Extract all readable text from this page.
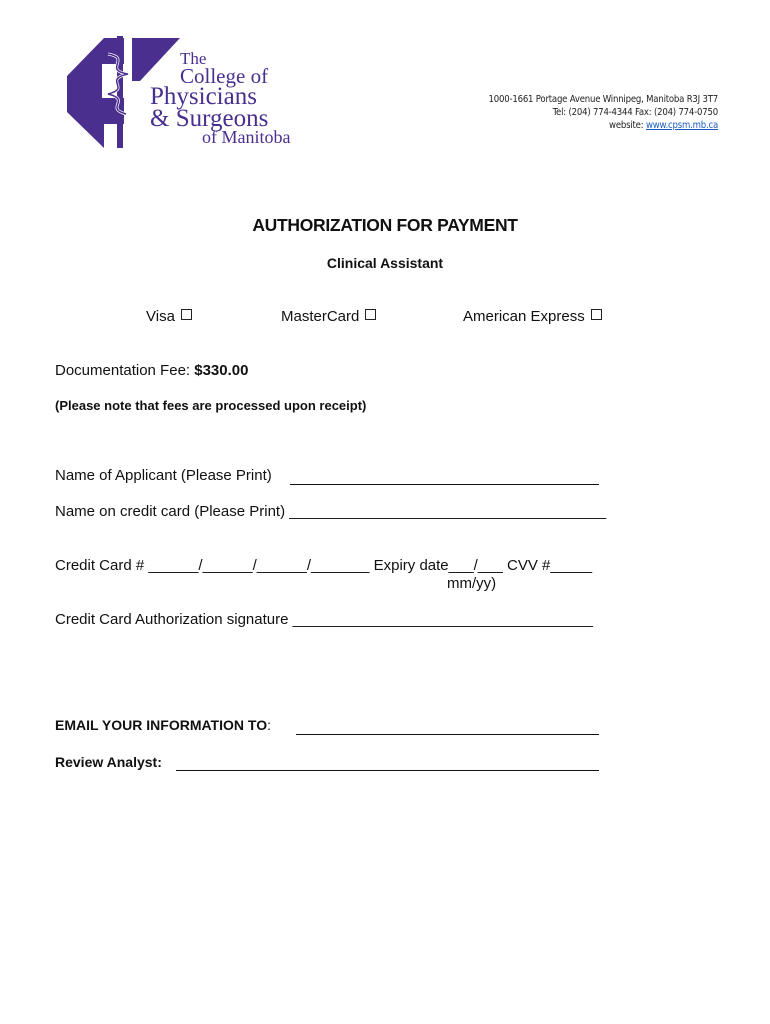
The
College of
Physicians
& Surgeons
of Manitoba
1000-1661 Portage Avenue Winnipeg, Manitoba R3J 3T7
Tel: (204) 774-4344 Fax: (204) 774-0750
website: www.cpsm.mb.ca
AUTHORIZATION FOR PAYMENT
Clinical Assistant
Visa	MasterCard	American Express
Documentation Fee: $330.00
(Please note that fees are processed upon receipt)
Name of Applicant (Please Print)
Name on credit card (Please Print) ______________________________________
Credit Card # ______/______/______/_______ Expiry date___/___ CVV #_____
mm/yy)
Credit Card Authorization signature ____________________________________
EMAIL YOUR INFORMATION TO:
Review Analyst:
